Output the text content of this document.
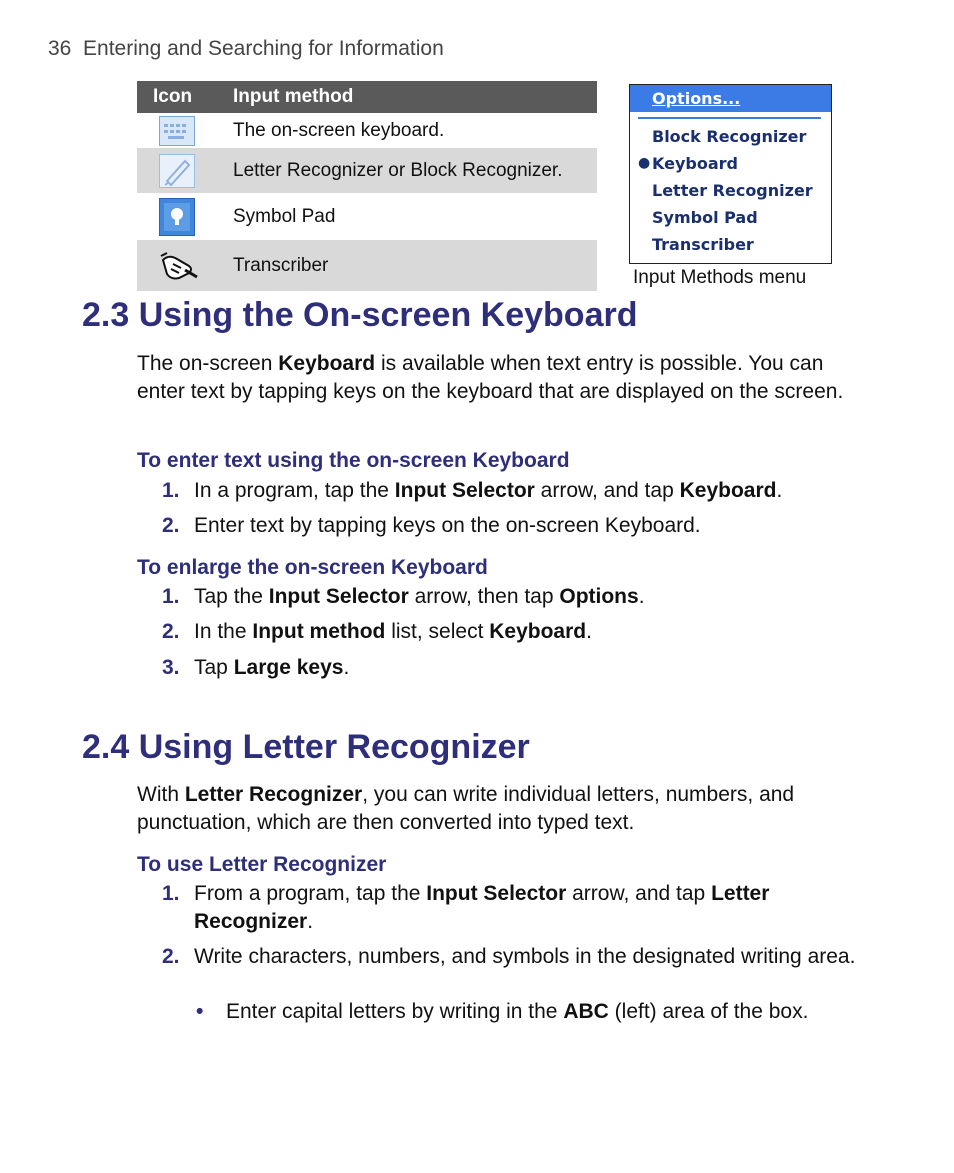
36 Entering and Searching for Information
Icon	Input method

	The on-screen keyboard.

	Letter Recognizer or Block Recognizer.

	Symbol Pad

	Transcriber
Options...
Block Recognizer
● Keyboard
Letter Recognizer
Symbol Pad
Transcriber
Input Methods menu
2.3 Using the On-screen Keyboard

The on-screen Keyboard is available when text entry is possible. You can enter text by tapping keys on the keyboard that are displayed on the screen.

To enter text using the on-screen Keyboard

1. In a program, tap the Input Selector arrow, and tap Keyboard.

2. Enter text by tapping keys on the on-screen Keyboard.

To enlarge the on-screen Keyboard

1. Tap the Input Selector arrow, then tap Options.

2. In the Input method list, select Keyboard.

3. Tap Large keys.

2.4 Using Letter Recognizer

With Letter Recognizer, you can write individual letters, numbers, and punctuation, which are then converted into typed text.

To use Letter Recognizer

1. From a program, tap the Input Selector arrow, and tap Letter Recognizer.

2. Write characters, numbers, and symbols in the designated writing area.

• Enter capital letters by writing in the ABC (left) area of the box.
